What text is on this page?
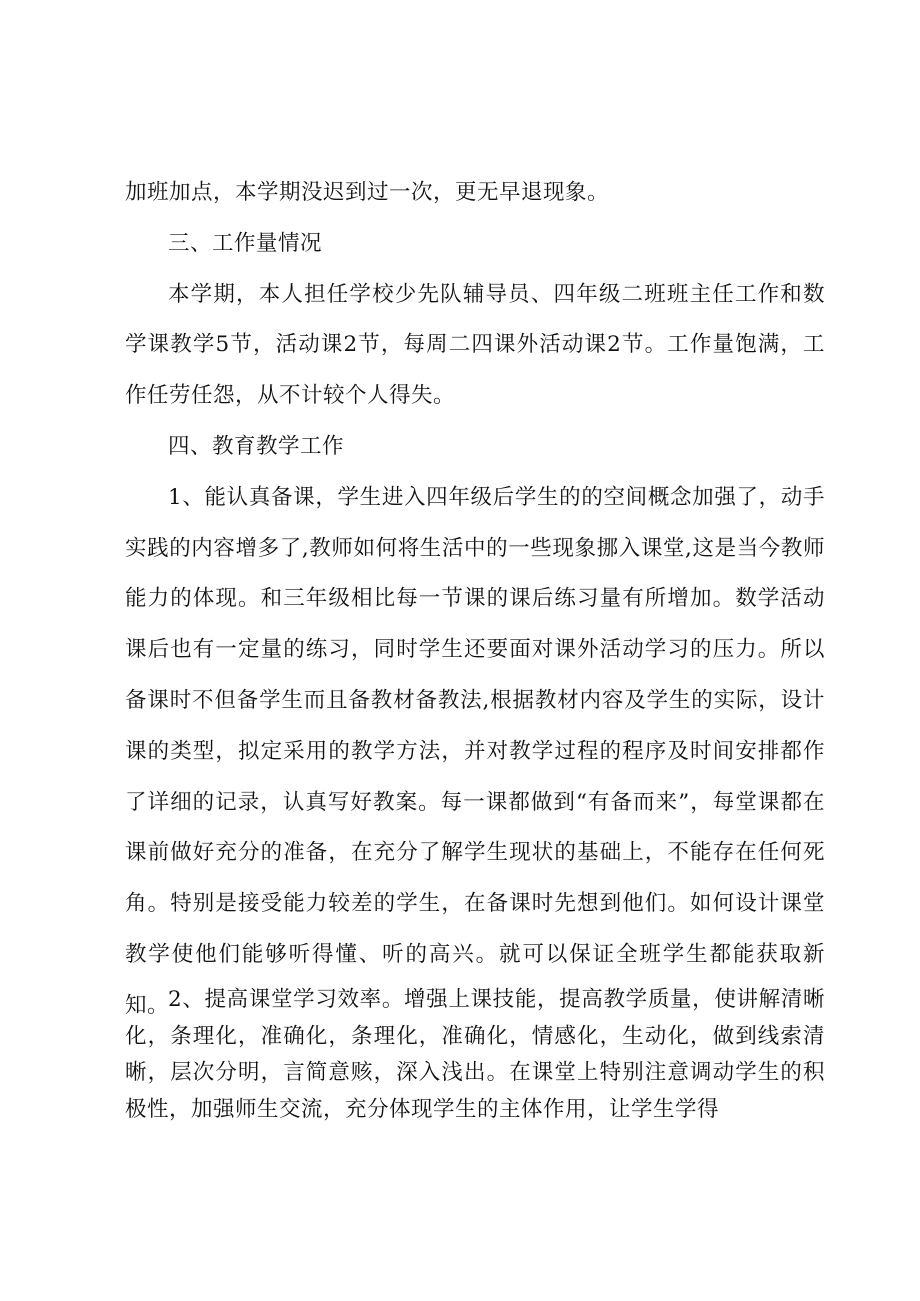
加班加点，本学期没迟到过一次，更无早退现象。

三、工作量情况

本学期，本人担任学校少先队辅导员、四年级二班班主任工作和数学课教学5节，活动课2节，每周二四课外活动课2节。工作量饱满，工作任劳任怨，从不计较个人得失。

四、教育教学工作

1、能认真备课，学生进入四年级后学生的的空间概念加强了，动手实践的内容增多了,教师如何将生活中的一些现象挪入课堂,这是当今教师能力的体现。和三年级相比每一节课的课后练习量有所增加。数学活动课后也有一定量的练习，同时学生还要面对课外活动学习的压力。所以备课时不但备学生而且备教材备教法,根据教材内容及学生的实际，设计课的类型，拟定采用的教学方法，并对教学过程的程序及时间安排都作了详细的记录，认真写好教案。每一课都做到“有备而来”，每堂课都在课前做好充分的准备，在充分了解学生现状的基础上，不能存在任何死角。特别是接受能力较差的学生，在备课时先想到他们。如何设计课堂教学使他们能够听得懂、听的高兴。就可以保证全班学生都能获取新知。

2、提高课堂学习效率。增强上课技能，提高教学质量，使讲解清晰化，条理化，准确化，条理化，准确化，情感化，生动化，做到线索清晰，层次分明，言简意赅，深入浅出。在课堂上特别注意调动学生的积极性，加强师生交流，充分体现学生的主体作用，让学生学得
